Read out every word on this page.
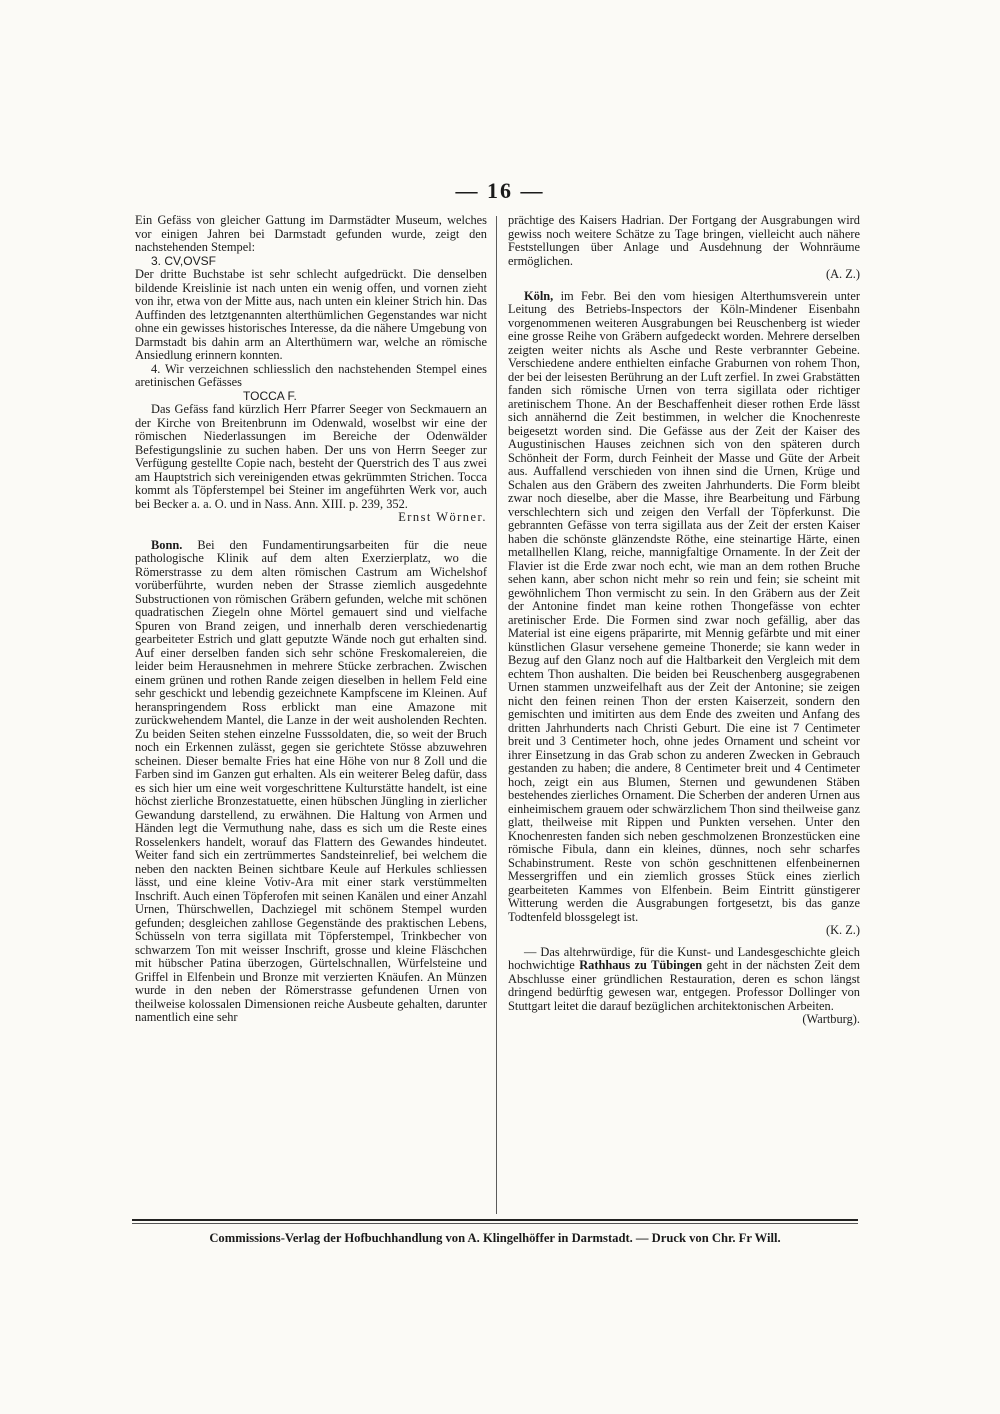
— 16 —

Ein Gefäss von gleicher Gattung im Darmstädter Museum, welches vor einigen Jahren bei Darmstadt gefunden wurde, zeigt den nachstehenden Stempel:

3. CV,OVSF

Der dritte Buchstabe ist sehr schlecht aufgedrückt. Die denselben bildende Kreislinie ist nach unten ein wenig offen, und vornen zieht von ihr, etwa von der Mitte aus, nach unten ein kleiner Strich hin. Das Auffinden des letztgenannten alterthümlichen Gegenstandes war nicht ohne ein gewisses historisches Interesse, da die nähere Umgebung von Darmstadt bis dahin arm an Alterthümern war, welche an römische Ansiedlung erinnern konnten.

4. Wir verzeichnen schliesslich den nachstehenden Stempel eines aretinischen Gefässes

TOCCA F.

Das Gefäss fand kürzlich Herr Pfarrer Seeger von Seckmauern an der Kirche von Breitenbrunn im Odenwald, woselbst wir eine der römischen Niederlassungen im Bereiche der Odenwälder Befestigungslinie zu suchen haben. Der uns von Herrn Seeger zur Verfügung gestellte Copie nach, besteht der Querstrich des T aus zwei am Hauptstrich sich vereinigenden etwas gekrümmten Strichen. Tocca kommt als Töpferstempel bei Steiner im angeführten Werk vor, auch bei Becker a. a. O. und in Nass. Ann. XIII. p. 239, 352.

Ernst Wörner.

Bonn. Bei den Fundamentirungsarbeiten für die neue pathologische Klinik auf dem alten Exerzierplatz, wo die Römerstrasse zu dem alten römischen Castrum am Wichelshof vorüberführte, wurden neben der Strasse ziemlich ausgedehnte Substructionen von römischen Gräbern gefunden, welche mit schönen quadratischen Ziegeln ohne Mörtel gemauert sind und vielfache Spuren von Brand zeigen, und innerhalb deren verschiedenartig gearbeiteter Estrich und glatt geputzte Wände noch gut erhalten sind. Auf einer derselben fanden sich sehr schöne Freskomalereien, die leider beim Herausnehmen in mehrere Stücke zerbrachen. Zwischen einem grünen und rothen Rande zeigen dieselben in hellem Feld eine sehr geschickt und lebendig gezeichnete Kampfscene im Kleinen. Auf heranspringendem Ross erblickt man eine Amazone mit zurückwehendem Mantel, die Lanze in der weit ausholenden Rechten. Zu beiden Seiten stehen einzelne Fusssoldaten, die, so weit der Bruch noch ein Erkennen zulässt, gegen sie gerichtete Stösse abzuwehren scheinen. Dieser bemalte Fries hat eine Höhe von nur 8 Zoll und die Farben sind im Ganzen gut erhalten. Als ein weiterer Beleg dafür, dass es sich hier um eine weit vorgeschrittene Kulturstätte handelt, ist eine höchst zierliche Bronzestatuette, einen hübschen Jüngling in zierlicher Gewandung darstellend, zu erwähnen. Die Haltung von Armen und Händen legt die Vermuthung nahe, dass es sich um die Reste eines Rosselenkers handelt, worauf das Flattern des Gewandes hindeutet. Weiter fand sich ein zertrümmertes Sandsteinrelief, bei welchem die neben den nackten Beinen sichtbare Keule auf Herkules schliessen lässt, und eine kleine Votiv-Ara mit einer stark verstümmelten Inschrift. Auch einen Töpferofen mit seinen Kanälen und einer Anzahl Urnen, Thürschwellen, Dachziegel mit schönem Stempel wurden gefunden; desgleichen zahllose Gegenstände des praktischen Lebens, Schüsseln von terra sigillata mit Töpferstempel, Trinkbecher von schwarzem Ton mit weisser Inschrift, grosse und kleine Fläschchen mit hübscher Patina überzogen, Gürtelschnallen, Würfelsteine und Griffel in Elfenbein und Bronze mit verzierten Knäufen. An Münzen wurde in den neben der Römerstrasse gefundenen Urnen von theilweise kolossalen Dimensionen reiche Ausbeute gehalten, darunter namentlich eine sehr

prächtige des Kaisers Hadrian. Der Fortgang der Ausgrabungen wird gewiss noch weitere Schätze zu Tage bringen, vielleicht auch nähere Feststellungen über Anlage und Ausdehnung der Wohnräume ermöglichen.

(A. Z.)

Köln, im Febr. Bei den vom hiesigen Alterthumsverein unter Leitung des Betriebs-Inspectors der Köln-Mindener Eisenbahn vorgenommenen weiteren Ausgrabungen bei Reuschenberg ist wieder eine grosse Reihe von Gräbern aufgedeckt worden. Mehrere derselben zeigten weiter nichts als Asche und Reste verbrannter Gebeine. Verschiedene andere enthielten einfache Graburnen von rohem Thon, der bei der leisesten Berührung an der Luft zerfiel. In zwei Grabstätten fanden sich römische Urnen von terra sigillata oder richtiger aretinischem Thone. An der Beschaffenheit dieser rothen Erde lässt sich annähernd die Zeit bestimmen, in welcher die Knochenreste beigesetzt worden sind. Die Gefässe aus der Zeit der Kaiser des Augustinischen Hauses zeichnen sich von den späteren durch Schönheit der Form, durch Feinheit der Masse und Güte der Arbeit aus. Auffallend verschieden von ihnen sind die Urnen, Krüge und Schalen aus den Gräbern des zweiten Jahrhunderts. Die Form bleibt zwar noch dieselbe, aber die Masse, ihre Bearbeitung und Färbung verschlechtern sich und zeigen den Verfall der Töpferkunst. Die gebrannten Gefässe von terra sigillata aus der Zeit der ersten Kaiser haben die schönste glänzendste Röthe, eine steinartige Härte, einen metallhellen Klang, reiche, mannigfaltige Ornamente. In der Zeit der Flavier ist die Erde zwar noch echt, wie man an dem rothen Bruche sehen kann, aber schon nicht mehr so rein und fein; sie scheint mit gewöhnlichem Thon vermischt zu sein. In den Gräbern aus der Zeit der Antonine findet man keine rothen Thongefässe von echter aretinischer Erde. Die Formen sind zwar noch gefällig, aber das Material ist eine eigens präparirte, mit Mennig gefärbte und mit einer künstlichen Glasur versehene gemeine Thonerde; sie kann weder in Bezug auf den Glanz noch auf die Haltbarkeit den Vergleich mit dem echtem Thon aushalten. Die beiden bei Reuschenberg ausgegrabenen Urnen stammen unzweifelhaft aus der Zeit der Antonine; sie zeigen nicht den feinen reinen Thon der ersten Kaiserzeit, sondern den gemischten und imitirten aus dem Ende des zweiten und Anfang des dritten Jahrhunderts nach Christi Geburt. Die eine ist 7 Centimeter breit und 3 Centimeter hoch, ohne jedes Ornament und scheint vor ihrer Einsetzung in das Grab schon zu anderen Zwecken in Gebrauch gestanden zu haben; die andere, 8 Centimeter breit und 4 Centimeter hoch, zeigt ein aus Blumen, Sternen und gewundenen Stäben bestehendes zierliches Ornament. Die Scherben der anderen Urnen aus einheimischem grauem oder schwärzlichem Thon sind theilweise ganz glatt, theilweise mit Rippen und Punkten versehen. Unter den Knochenresten fanden sich neben geschmolzenen Bronzestücken eine römische Fibula, dann ein kleines, dünnes, noch sehr scharfes Schabinstrument. Reste von schön geschnittenen elfenbeinernen Messergriffen und ein ziemlich grosses Stück eines zierlich gearbeiteten Kammes von Elfenbein. Beim Eintritt günstigerer Witterung werden die Ausgrabungen fortgesetzt, bis das ganze Todtenfeld blossgelegt ist.

(K. Z.)

— Das altehrwürdige, für die Kunst- und Landesgeschichte gleich hochwichtige Rathhaus zu Tübingen geht in der nächsten Zeit dem Abschlusse einer gründlichen Restauration, deren es schon längst dringend bedürftig gewesen war, entgegen. Professor Dollinger von Stuttgart leitet die darauf bezüglichen architektonischen Arbeiten.

(Wartburg).

Commissions-Verlag der Hofbuchhandlung von A. Klingelhöffer in Darmstadt. — Druck von Chr. Fr Will.
